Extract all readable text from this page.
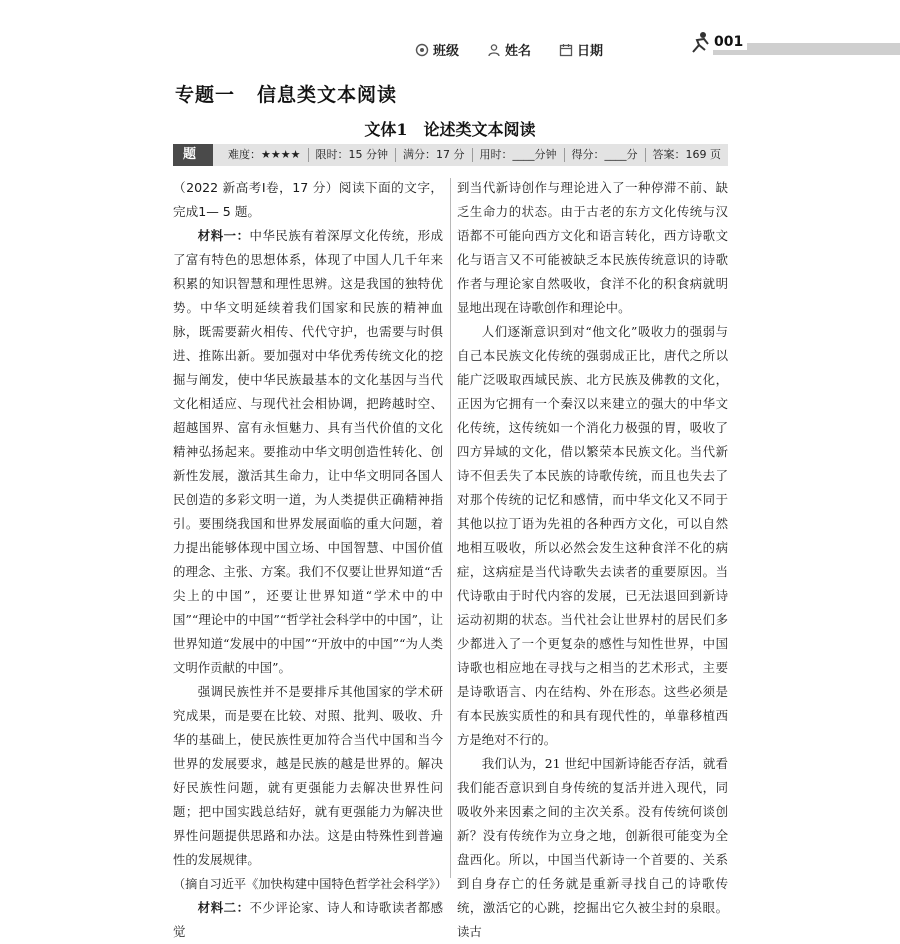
班级	姓名	日期
001
专题一 信息类文本阅读
文体1　论述类文本阅读
题组一
难度：★★★★	限时：15 分钟	满分：17 分	用时：____分钟	得分：____分	答案：169 页

（2022 新高考Ⅰ卷，17 分）阅读下面的文字，完成1— 5 题。

材料一：中华民族有着深厚文化传统，形成了富有特色的思想体系，体现了中国人几千年来积累的知识智慧和理性思辨。这是我国的独特优势。中华文明延续着我们国家和民族的精神血脉，既需要薪火相传、代代守护，也需要与时俱进、推陈出新。要加强对中华优秀传统文化的挖掘与阐发，使中华民族最基本的文化基因与当代文化相适应、与现代社会相协调，把跨越时空、超越国界、富有永恒魅力、具有当代价值的文化精神弘扬起来。要推动中华文明创造性转化、创新性发展，激活其生命力，让中华文明同各国人民创造的多彩文明一道，为人类提供正确精神指引。要围绕我国和世界发展面临的重大问题，着力提出能够体现中国立场、中国智慧、中国价值的理念、主张、方案。我们不仅要让世界知道“舌尖上的中国”，还要让世界知道“学术中的中国”“理论中的中国”“哲学社会科学中的中国”，让世界知道“发展中的中国”“开放中的中国”“为人类文明作贡献的中国”。

强调民族性并不是要排斥其他国家的学术研究成果，而是要在比较、对照、批判、吸收、升华的基础上，使民族性更加符合当代中国和当今世界的发展要求，越是民族的越是世界的。解决好民族性问题，就有更强能力去解决世界性问题；把中国实践总结好，就有更强能力为解决世界性问题提供思路和办法。这是由特殊性到普遍性的发展规律。

（摘自习近平《加快构建中国特色哲学社会科学》）

材料二：不少评论家、诗人和诗歌读者都感觉

到当代新诗创作与理论进入了一种停滞不前、缺乏生命力的状态。由于古老的东方文化传统与汉语都不可能向西方文化和语言转化，西方诗歌文化与语言又不可能被缺乏本民族传统意识的诗歌作者与理论家自然吸收，食洋不化的积食病就明显地出现在诗歌创作和理论中。

人们逐渐意识到对“他文化”吸收力的强弱与自己本民族文化传统的强弱成正比，唐代之所以能广泛吸取西域民族、北方民族及佛教的文化，正因为它拥有一个秦汉以来建立的强大的中华文化传统，这传统如一个消化力极强的胃，吸收了四方异域的文化，借以繁荣本民族文化。当代新诗不但丢失了本民族的诗歌传统，而且也失去了对那个传统的记忆和感情，而中华文化又不同于其他以拉丁语为先祖的各种西方文化，可以自然地相互吸收，所以必然会发生这种食洋不化的病症，这病症是当代诗歌失去读者的重要原因。当代诗歌由于时代内容的发展，已无法退回到新诗运动初期的状态。当代社会让世界村的居民们多少都进入了一个更复杂的感性与知性世界，中国诗歌也相应地在寻找与之相当的艺术形式，主要是诗歌语言、内在结构、外在形态。这些必须是有本民族实质性的和具有现代性的，单靠移植西方是绝对不行的。

我们认为，21 世纪中国新诗能否存活，就看我们能否意识到自身传统的复活并进入现代，同吸收外来因素之间的主次关系。没有传统何谈创新？没有传统作为立身之地，创新很可能变为全盘西化。所以，中国当代新诗一个首要的、关系到自身存亡的任务就是重新寻找自己的诗歌传统，激活它的心跳，挖掘出它久被尘封的泉眼。读古
